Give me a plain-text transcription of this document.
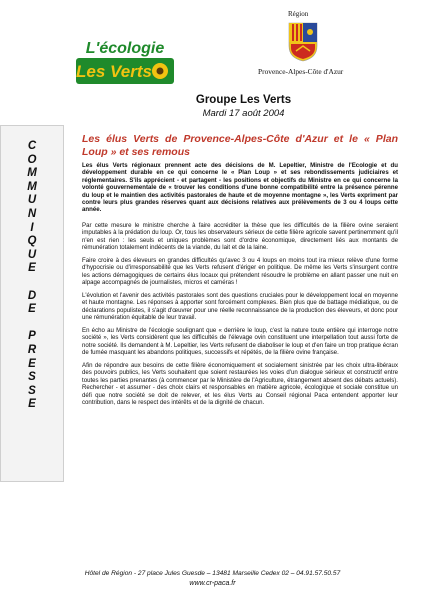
L'écologie
Les Verts
Région
Provence-Alpes-Côte d'Azur
C
O
M
M
U
N
I
Q
U
E
D
E
P
R
E
S
S
E
Groupe Les Verts
Mardi 17 août 2004
Les élus Verts de Provence-Alpes-Côte d'Azur et le « Plan Loup » et ses remous

Les élus Verts régionaux prennent acte des décisions de M. Lepeltier, Ministre de l'Ecologie et du développement durable en ce qui concerne le « Plan Loup » et ses rebondissements judiciaires et réglementaires. S'ils apprécient - et partagent - les positions et objectifs du Ministre en ce qui concerne la volonté gouvernementale de « trouver les conditions d'une bonne compatibilité entre la présence pérenne du loup et le maintien des activités pastorales de haute et de moyenne montagne », les Verts expriment par contre leurs plus grandes réserves quant aux décisions relatives aux prélèvements de 3 ou 4 loups cette année.

Par cette mesure le ministre cherche à faire accréditer la thèse que les difficultés de la filière ovine seraient imputables à la prédation du loup. Or, tous les observateurs sérieux de cette filière agricole savent pertinemment qu'il n'en est rien : les seuls et uniques problèmes sont d'ordre économique, directement liés aux montants de rémunération totalement indécents de la viande, du lait et de la laine.

Faire croire à des éleveurs en grandes difficultés qu'avec 3 ou 4 loups en moins tout ira mieux relève d'une forme d'hypocrisie ou d'irresponsabilité que les Verts refusent d'ériger en politique. De même les Verts s'insurgent contre les actions démagogiques de certains élus locaux qui prétendent résoudre le problème en allant passer une nuit en alpage accompagnés de journalistes, micros et caméras !

L'évolution et l'avenir des activités pastorales sont des questions cruciales pour le développement local en moyenne et haute montagne. Les réponses à apporter sont forcément complexes. Bien plus que de battage médiatique, ou de déclarations populistes, il s'agit d'œuvrer pour une réelle reconnaissance de la production des éleveurs, et donc pour une rémunération équitable de leur travail.

En écho au Ministre de l'écologie soulignant que « derrière le loup, c'est la nature toute entière qui interroge notre société », les Verts considèrent que les difficultés de l'élevage ovin constituent une interpellation tout aussi forte de notre société. Ils demandent à M. Lepeltier, les Verts refusent de diaboliser le loup et d'en faire un trop pratique écran de fumée masquant les abandons politiques, successifs et répétés, de la filière ovine française.

Afin de répondre aux besoins de cette filière économiquement et socialement sinistrée par les choix ultra-libéraux des pouvoirs publics, les Verts souhaitent que soient restaurées les voies d'un dialogue sérieux et constructif entre toutes les parties prenantes (à commencer par le Ministère de l'Agriculture, étrangement absent des débats actuels). Rechercher - et assumer - des choix clairs et responsables en matière agricole, écologique et sociale constitue un défi que notre société se doit de relever, et les élus Verts au Conseil régional Paca entendent apporter leur contribution, dans le respect des intérêts et de la dignité de chacun.

Hôtel de Région - 27 place Jules Guesde – 13481 Marseille Cedex 02 – 04.91.57.50.57
www.cr-paca.fr
